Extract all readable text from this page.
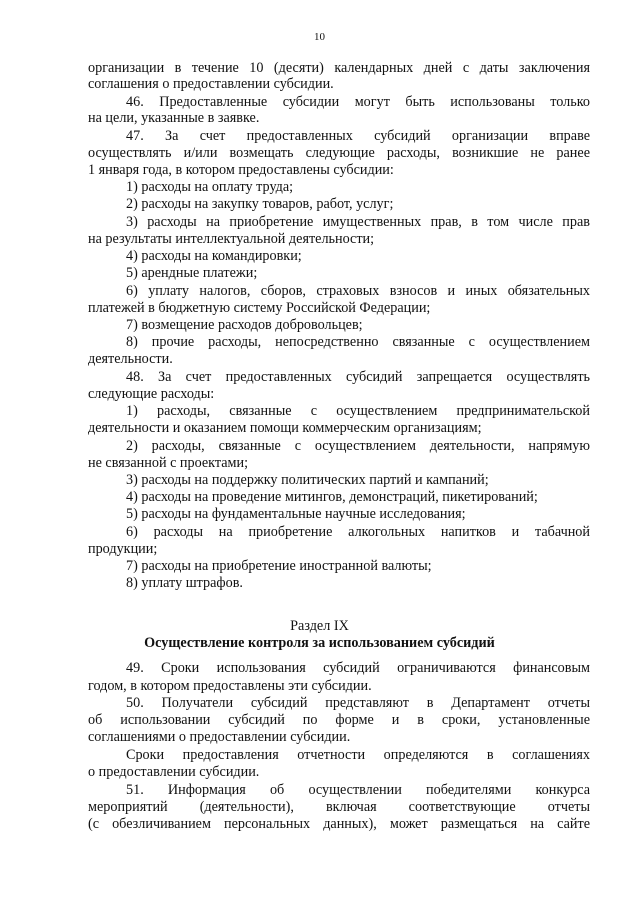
10
организации в течение 10 (десяти) календарных дней с даты заключения
соглашения о предоставлении субсидии.
46. Предоставленные субсидии могут быть использованы только
на цели, указанные в заявке.
47. За счет предоставленных субсидий организации вправе
осуществлять и/или возмещать следующие расходы, возникшие не ранее
1 января года, в котором предоставлены субсидии:
1) расходы на оплату труда;
2) расходы на закупку товаров, работ, услуг;
3) расходы на приобретение имущественных прав, в том числе прав
на результаты интеллектуальной деятельности;
4) расходы на командировки;
5) арендные платежи;
6) уплату налогов, сборов, страховых взносов и иных обязательных
платежей в бюджетную систему Российской Федерации;
7) возмещение расходов добровольцев;
8) прочие расходы, непосредственно связанные с осуществлением
деятельности.
48. За счет предоставленных субсидий запрещается осуществлять
следующие расходы:
1) расходы, связанные с осуществлением предпринимательской
деятельности и оказанием помощи коммерческим организациям;
2) расходы, связанные с осуществлением деятельности, напрямую
не связанной с проектами;
3) расходы на поддержку политических партий и кампаний;
4) расходы на проведение митингов, демонстраций, пикетирований;
5) расходы на фундаментальные научные исследования;
6) расходы на приобретение алкогольных напитков и табачной
продукции;
7) расходы на приобретение иностранной валюты;
8) уплату штрафов.
Раздел IX
Осуществление контроля за использованием субсидий
49. Сроки использования субсидий ограничиваются финансовым
годом, в котором предоставлены эти субсидии.
50. Получатели субсидий представляют в Департамент отчеты
об использовании субсидий по форме и в сроки, установленные
соглашениями о предоставлении субсидии.
Сроки предоставления отчетности определяются в соглашениях
о предоставлении субсидии.
51. Информация об осуществлении победителями конкурса
мероприятий (деятельности), включая соответствующие отчеты
(с обезличиванием персональных данных), может размещаться на сайте
